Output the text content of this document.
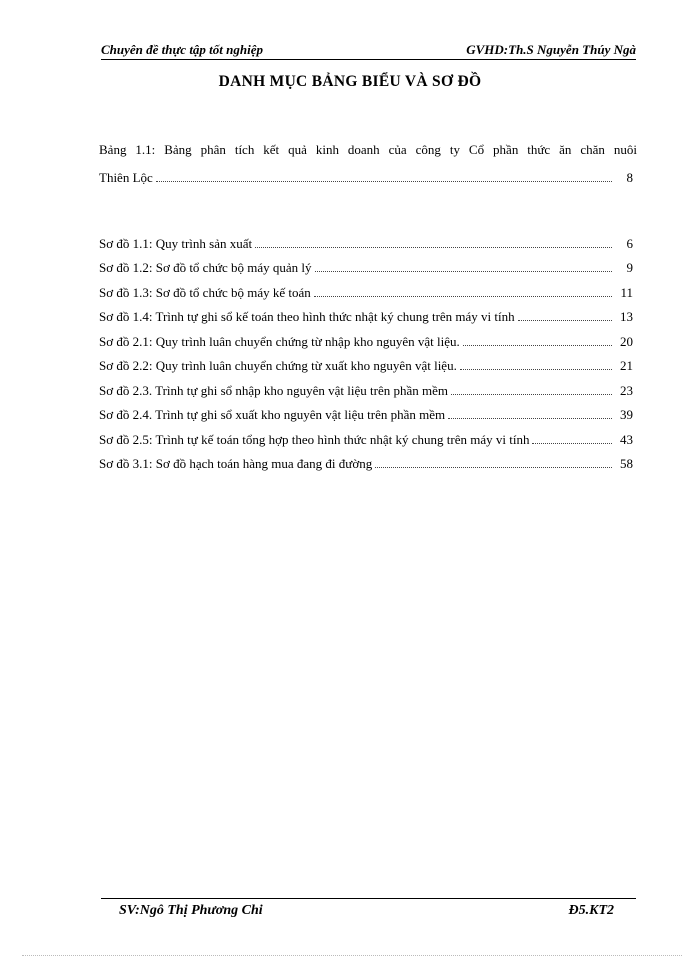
Chuyên đề thực tập tốt nghiệp	GVHD:Th.S Nguyễn Thúy Ngà
DANH MỤC BẢNG BIỂU VÀ SƠ ĐỒ
Bảng 1.1: Bảng phân tích kết quả kinh doanh của công ty Cổ phần thức ăn chăn nuôi
Thiên Lộc	8
Sơ đồ 1.1: Quy trình sản xuất	6
Sơ đồ 1.2: Sơ đồ tổ chức bộ máy quản lý	9
Sơ đồ 1.3: Sơ đồ tổ chức bộ máy kế toán	11
Sơ đồ 1.4: Trình tự ghi sổ kế toán theo hình thức nhật ký chung trên máy vi tính	13
Sơ đồ 2.1: Quy trình luân chuyển chứng từ nhập kho nguyên vật liệu.	20
Sơ đồ 2.2: Quy trình luân chuyển chứng từ xuất kho nguyên vật liệu.	21
Sơ đồ 2.3. Trình tự ghi sổ nhập kho nguyên vật liệu trên phần mềm	23
Sơ đồ 2.4. Trình tự ghi sổ xuất kho nguyên vật liệu trên phần mềm	39
Sơ đồ 2.5: Trình tự kế toán tổng hợp theo hình thức nhật ký chung trên máy vi tính	43
Sơ đồ 3.1: Sơ đồ hạch toán hàng mua đang đi đường	58
SV:Ngô Thị Phương Chi	Đ5.KT2
